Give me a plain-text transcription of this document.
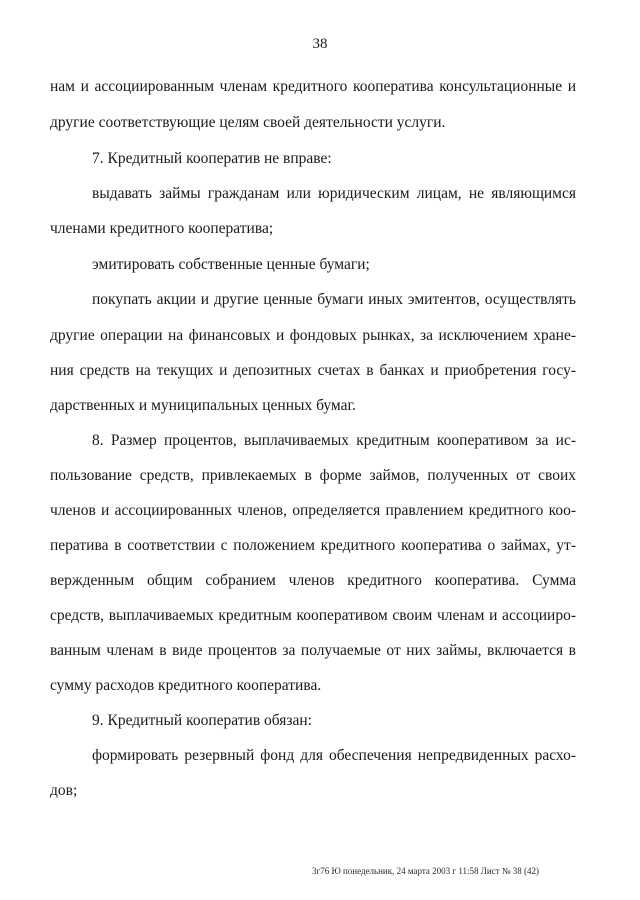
38
нам и ассоциированным членам кредитного кооператива консультационные и
другие соответствующие целям своей деятельности услуги.
7. Кредитный кооператив не вправе:
выдавать займы гражданам или юридическим лицам, не являющимся
членами кредитного кооператива;
эмитировать собственные ценные бумаги;
покупать акции и другие ценные бумаги иных эмитентов, осуществлять
другие операции на финансовых и фондовых рынках, за исключением хране-
ния средств на текущих и депозитных счетах в банках и приобретения госу-
дарственных и муниципальных ценных бумаг.
8. Размер процентов, выплачиваемых кредитным кооперативом за ис-
пользование средств, привлекаемых в форме займов, полученных от своих
членов и ассоциированных членов, определяется правлением кредитного коо-
ператива в соответствии с положением кредитного кооператива о займах, ут-
вержденным общим собранием членов кредитного кооператива. Сумма
средств, выплачиваемых кредитным кооперативом своим членам и ассоцииро-
ванным членам в виде процентов за получаемые от них займы, включается в
сумму расходов кредитного кооператива.
9. Кредитный кооператив обязан:
формировать резервный фонд для обеспечения непредвиденных расхо-
дов;
3г76 Ю понедельник, 24 марта 2003 г 11:58 Лист № 38 (42)
